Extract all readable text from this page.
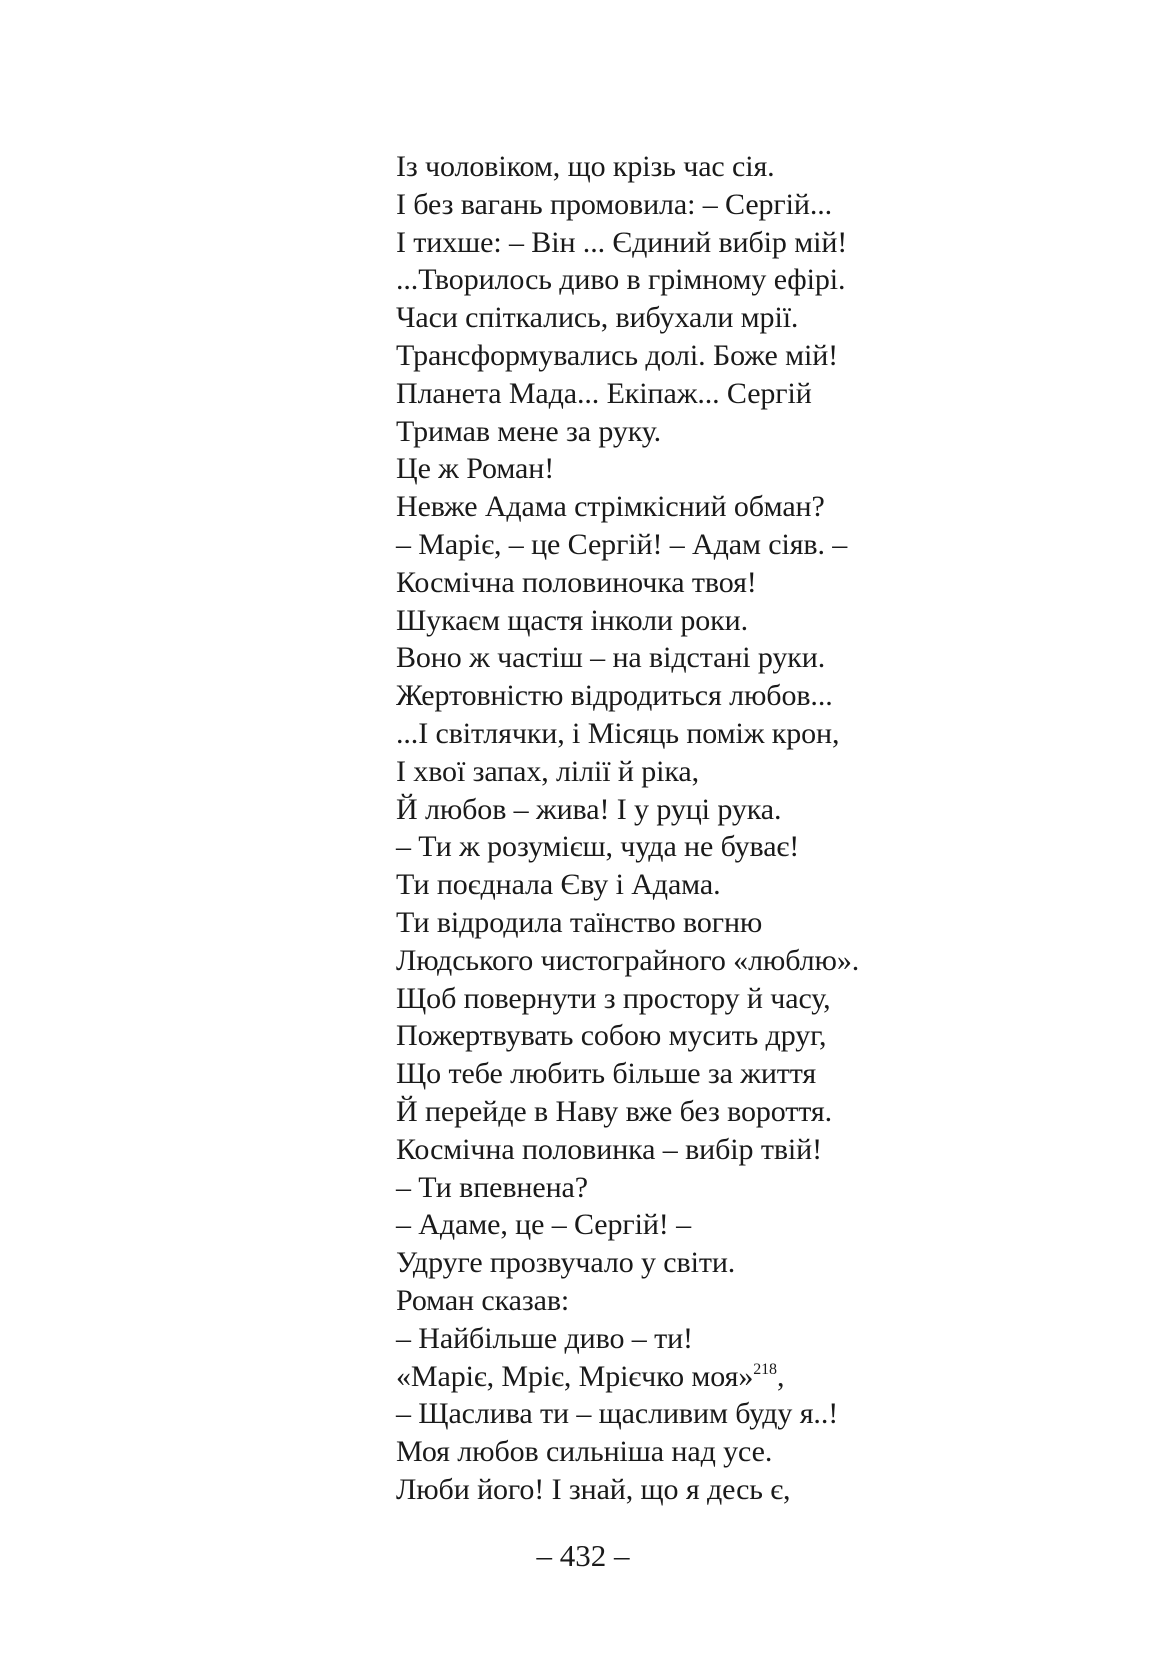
Із чоловіком, що крізь час сія.
І без вагань промовила: – Сергій...
І тихше: – Він ... Єдиний вибір мій!
...Творилось диво в грімному ефірі.
Часи спіткались, вибухали мрії.
Трансформувались долі. Боже мій!
Планета Мада... Екіпаж... Сергій
Тримав мене за руку.
Це ж Роман!
Невже Адама стрімкісний обман?
– Маріє, – це Сергій! – Адам сіяв. –
Космічна половиночка твоя!
Шукаєм щастя інколи роки.
Воно ж частіш – на відстані руки.
Жертовністю відродиться любов...
...І світлячки, і Місяць поміж крон,
І хвої запах, лілії й ріка,
Й любов – жива! І у руці рука.
– Ти ж розумієш, чуда не буває!
Ти поєднала Єву і Адама.
Ти відродила таїнство вогню
Людського чистограйного «люблю».
Щоб повернути з простору й часу,
Пожертвувать собою мусить друг,
Що тебе любить більше за життя
Й перейде в Наву вже без вороття.
Космічна половинка – вибір твій!
– Ти впевнена?
– Адаме, це – Сергій! –
Удруге прозвучало у світи.
Роман сказав:
– Найбільше диво – ти!
«Маріє, Мріє, Мрієчко моя»$^{218}$,
– Щаслива ти – щасливим буду я..!
Моя любов сильніша над усе.
Люби його! І знай, що я десь є,
– 432 –
